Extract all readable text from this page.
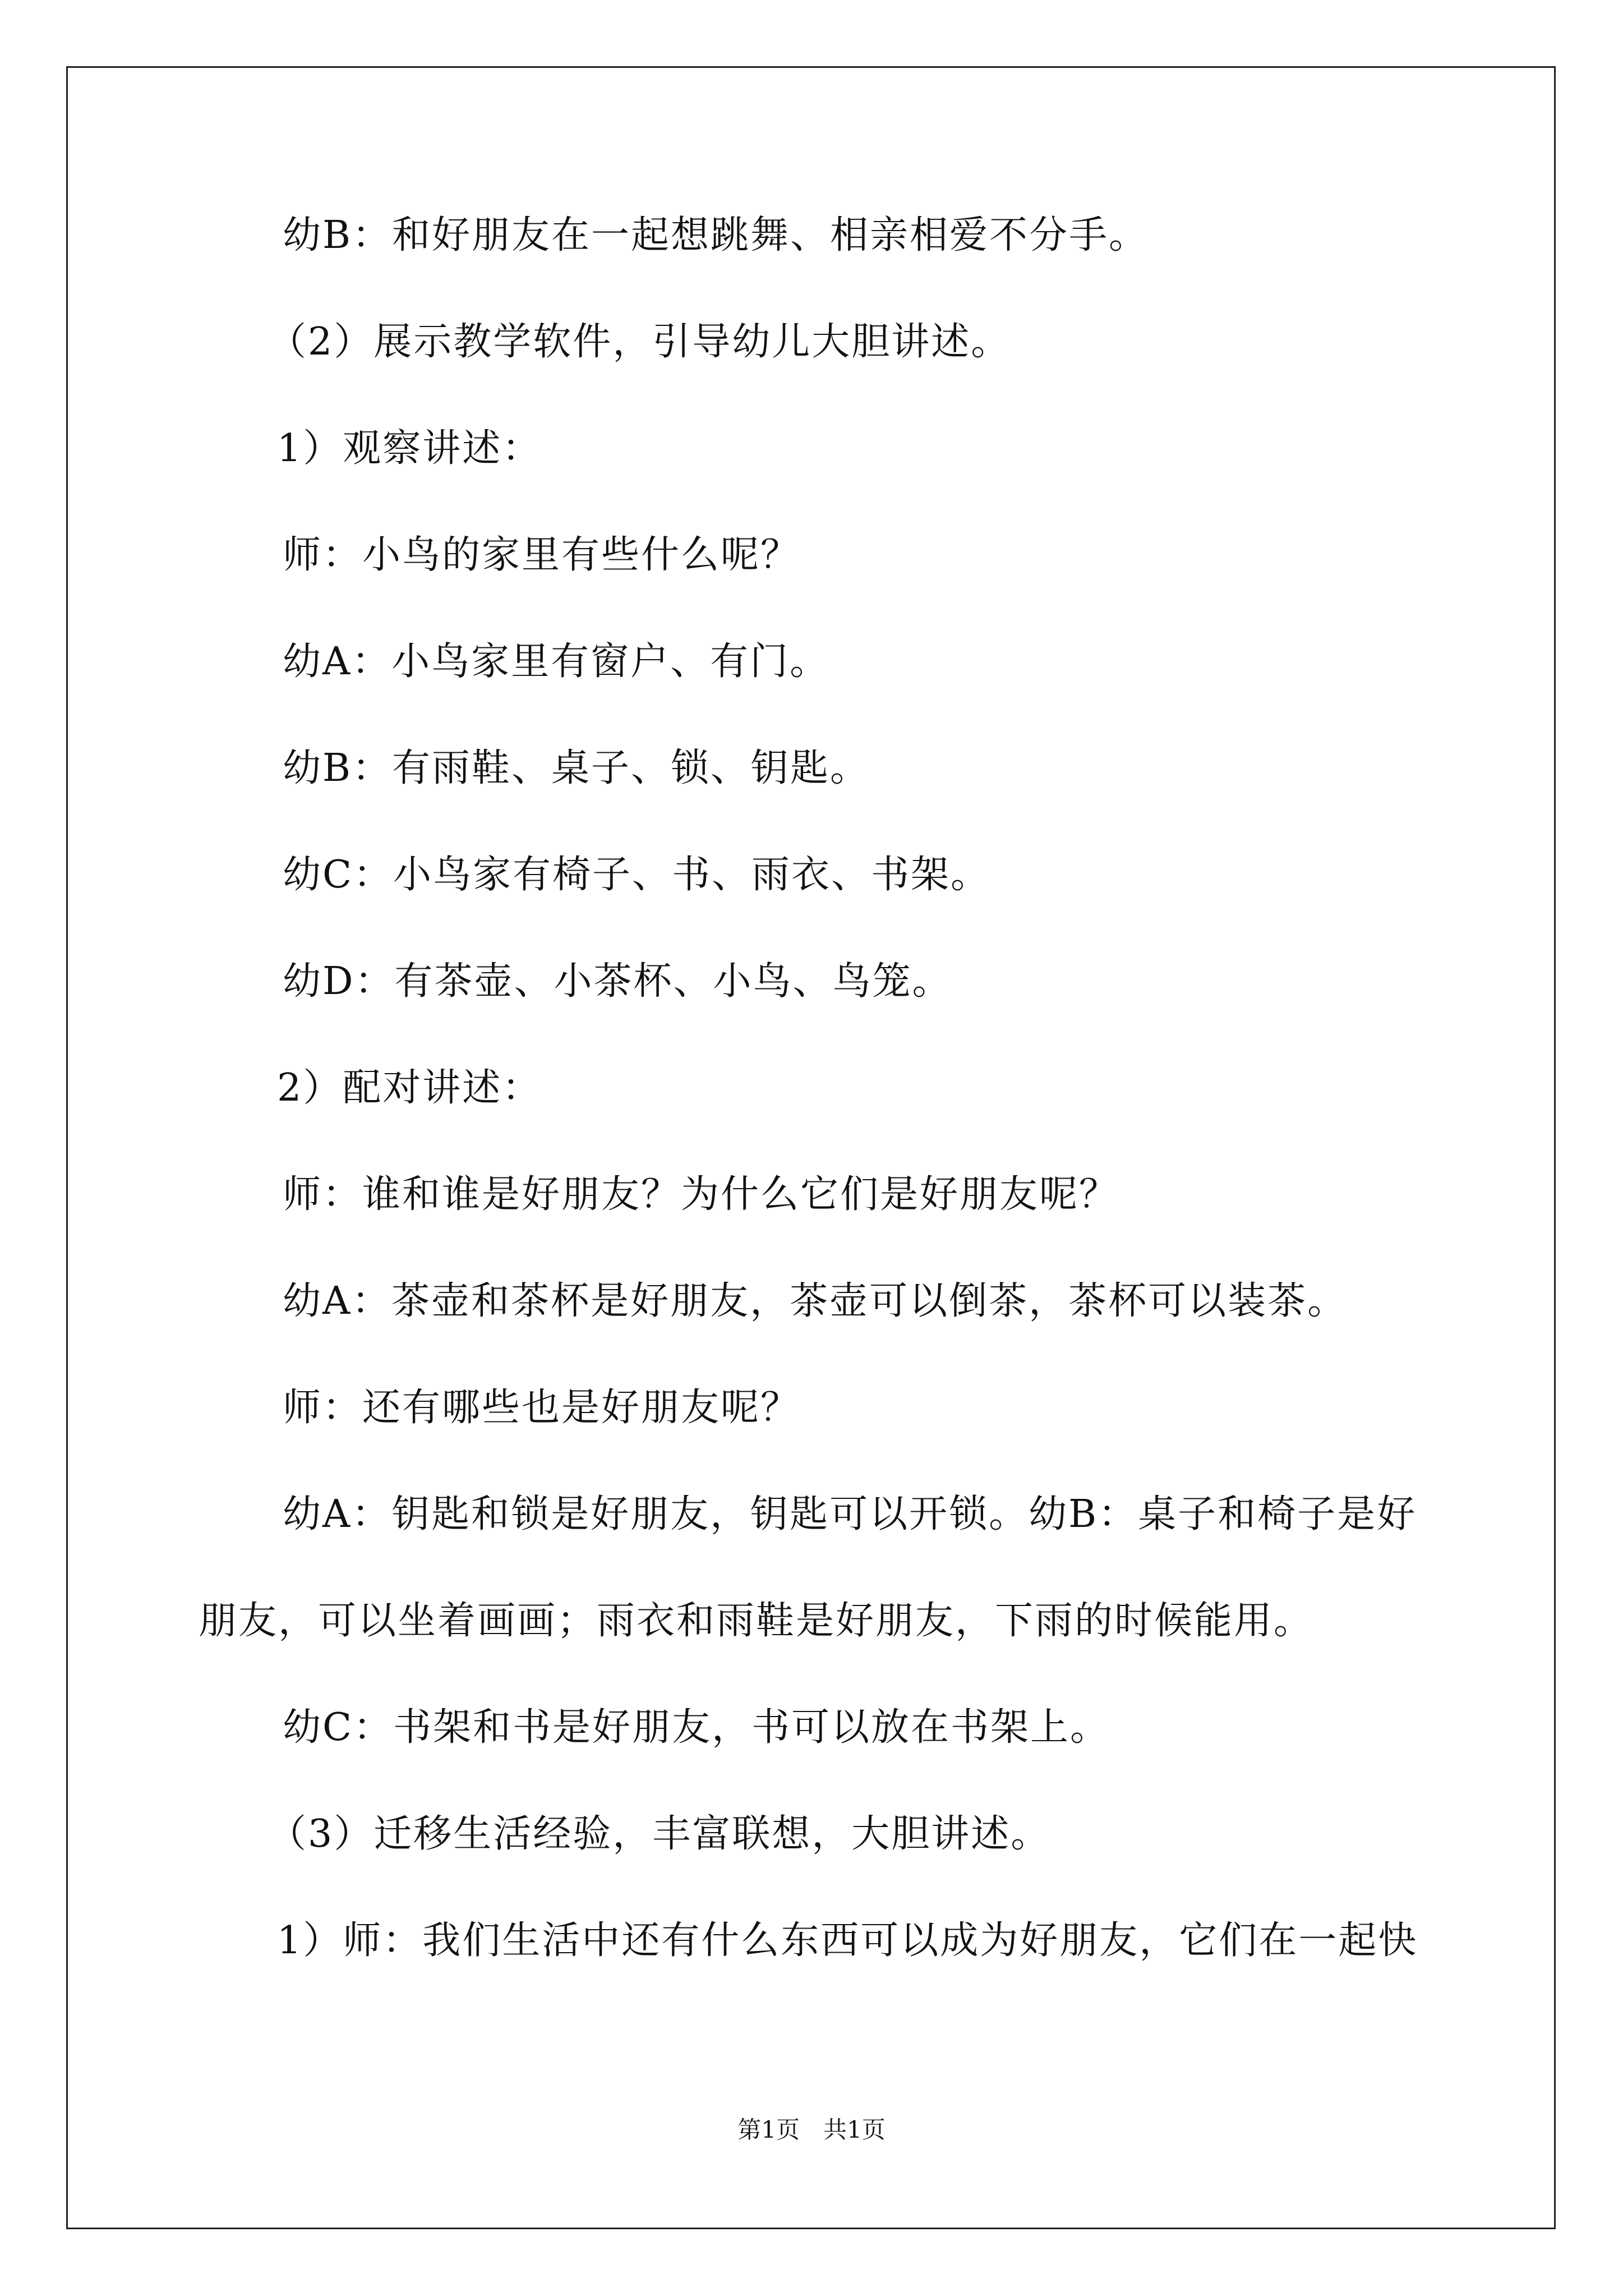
幼B：和好朋友在一起想跳舞、相亲相爱不分手。

（2）展示教学软件，引导幼儿大胆讲述。

1）观察讲述：

师：小鸟的家里有些什么呢？

幼A：小鸟家里有窗户、有门。

幼B：有雨鞋、桌子、锁、钥匙。

幼C：小鸟家有椅子、书、雨衣、书架。

幼D：有茶壶、小茶杯、小鸟、鸟笼。

2）配对讲述：

师：谁和谁是好朋友？为什么它们是好朋友呢？

幼A：茶壶和茶杯是好朋友，茶壶可以倒茶，茶杯可以装茶。

师：还有哪些也是好朋友呢？

幼A：钥匙和锁是好朋友，钥匙可以开锁。幼B：桌子和椅子是好

朋友，可以坐着画画；雨衣和雨鞋是好朋友，下雨的时候能用。

幼C：书架和书是好朋友，书可以放在书架上。

（3）迁移生活经验，丰富联想，大胆讲述。

1）师：我们生活中还有什么东西可以成为好朋友，它们在一起快

第1页　共1页
